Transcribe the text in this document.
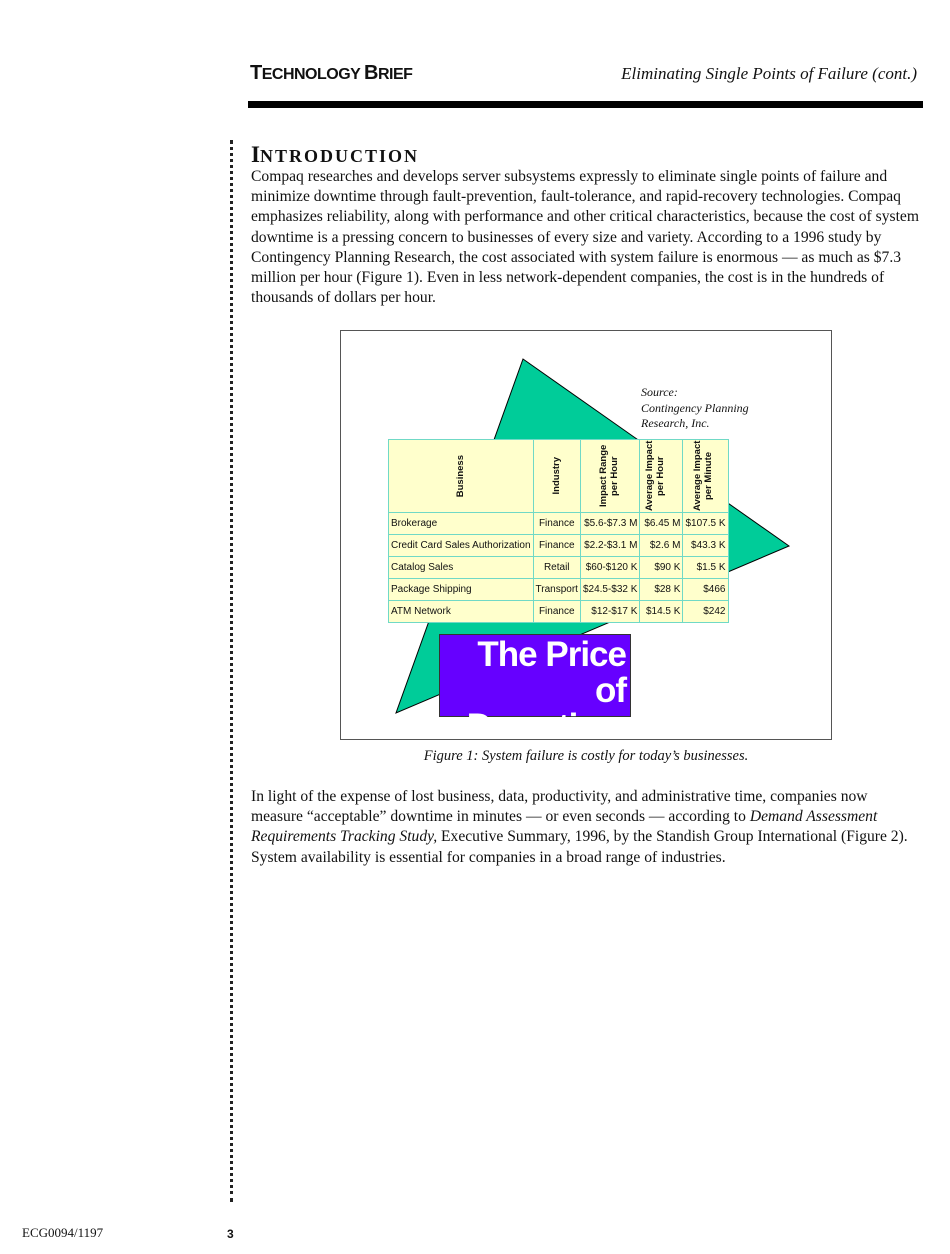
TECHNOLOGY BRIEF	Eliminating Single Points of Failure (cont.)
INTRODUCTION
Compaq researches and develops server subsystems expressly to eliminate single points of failure and minimize downtime through fault-prevention, fault-tolerance, and rapid-recovery technologies. Compaq emphasizes reliability, along with performance and other critical characteristics, because the cost of system downtime is a pressing concern to businesses of every size and variety. According to a 1996 study by Contingency Planning Research, the cost associated with system failure is enormous — as much as $7.3 million per hour (Figure 1). Even in less network-dependent companies, the cost is in the hundreds of thousands of dollars per hour.
Source:
Contingency Planning
Research, Inc.
Business	Industry	Impact Range per Hour	Average Impact per Hour	Average Impact per Minute

Brokerage	Finance	$5.6-$7.3 M	$6.45 M	$107.5 K
Credit Card Sales Authorization	Finance	$2.2-$3.1 M	$2.6 M	$43.3 K
Catalog Sales	Retail	$60-$120 K	$90 K	$1.5 K
Package Shipping	Transport	$24.5-$32 K	$28 K	$466
ATM Network	Finance	$12-$17 K	$14.5 K	$242
The Price of
Downtime
Figure 1: System failure is costly for today’s businesses.
In light of the expense of lost business, data, productivity, and administrative time, companies now measure “acceptable” downtime in minutes — or even seconds — according to Demand Assessment Requirements Tracking Study, Executive Summary, 1996, by the Standish Group International (Figure 2). System availability is essential for companies in a broad range of industries.
ECG0094/1197	3
